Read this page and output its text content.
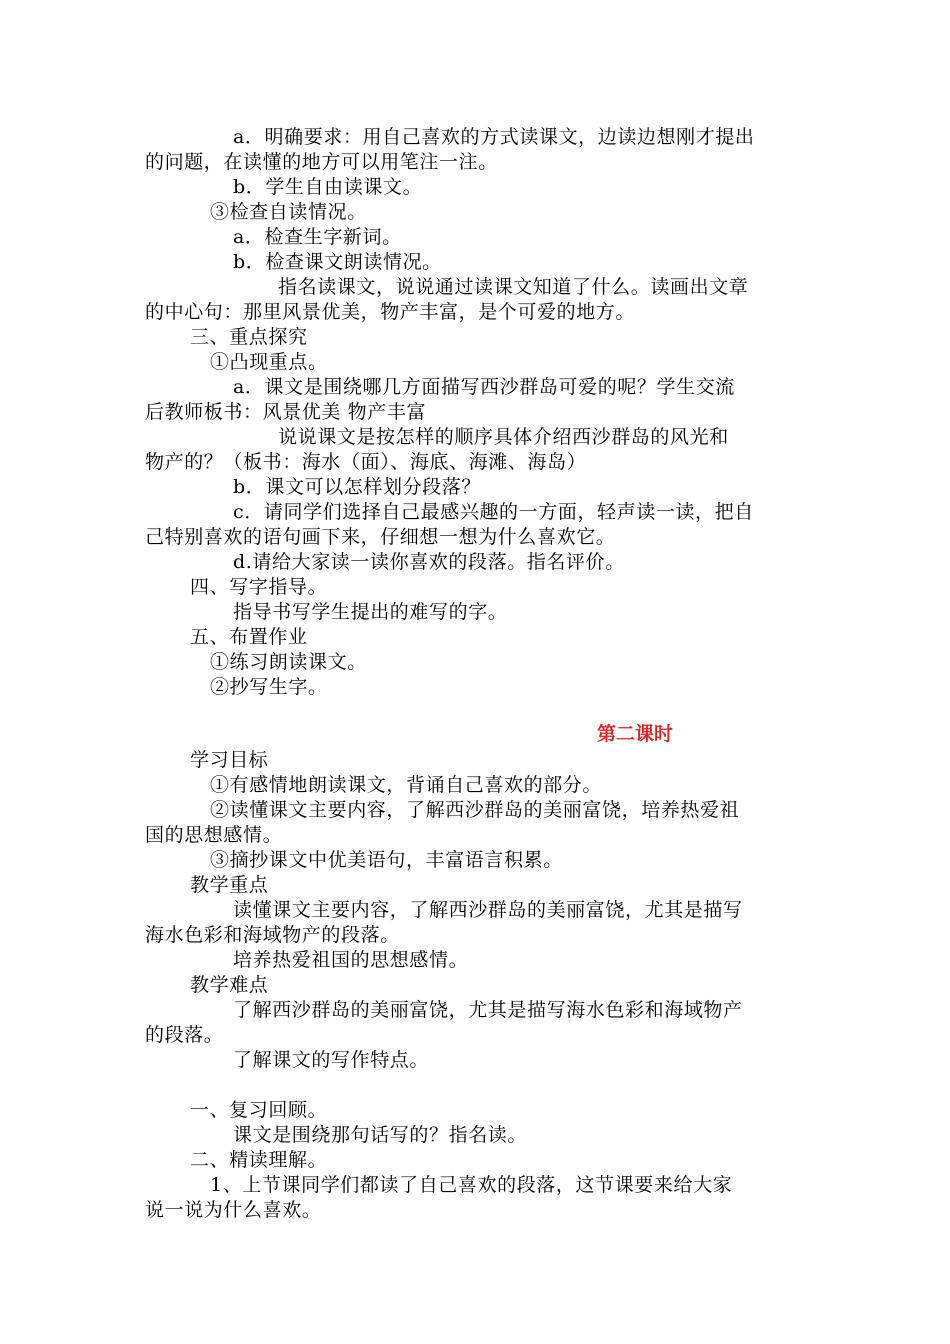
a．明确要求：用自己喜欢的方式读课文，边读边想刚才提出
的问题，在读懂的地方可以用笔注一注。
b．学生自由读课文。
③检查自读情况。
a．检查生字新词。
b．检查课文朗读情况。
指名读课文，说说通过读课文知道了什么。读画出文章
的中心句：那里风景优美，物产丰富，是个可爱的地方。
三、重点探究
①凸现重点。
a．课文是围绕哪几方面描写西沙群岛可爱的呢？学生交流
后教师板书：风景优美 物产丰富
说说课文是按怎样的顺序具体介绍西沙群岛的风光和
物产的？（板书：海水（面）、海底、海滩、海岛）
b．课文可以怎样划分段落？
c．请同学们选择自己最感兴趣的一方面，轻声读一读，把自
己特别喜欢的语句画下来，仔细想一想为什么喜欢它。
d.请给大家读一读你喜欢的段落。指名评价。
四、写字指导。
指导书写学生提出的难写的字。
五、布置作业
①练习朗读课文。
②抄写生字。
第二课时
学习目标
①有感情地朗读课文，背诵自己喜欢的部分。
②读懂课文主要内容，了解西沙群岛的美丽富饶，培养热爱祖
国的思想感情。
③摘抄课文中优美语句，丰富语言积累。
教学重点
读懂课文主要内容，了解西沙群岛的美丽富饶，尤其是描写
海水色彩和海域物产的段落。
培养热爱祖国的思想感情。
教学难点
了解西沙群岛的美丽富饶，尤其是描写海水色彩和海域物产
的段落。
了解课文的写作特点。
一、复习回顾。
课文是围绕那句话写的？指名读。
二、精读理解。
1、上节课同学们都读了自己喜欢的段落，这节课要来给大家
说一说为什么喜欢。
